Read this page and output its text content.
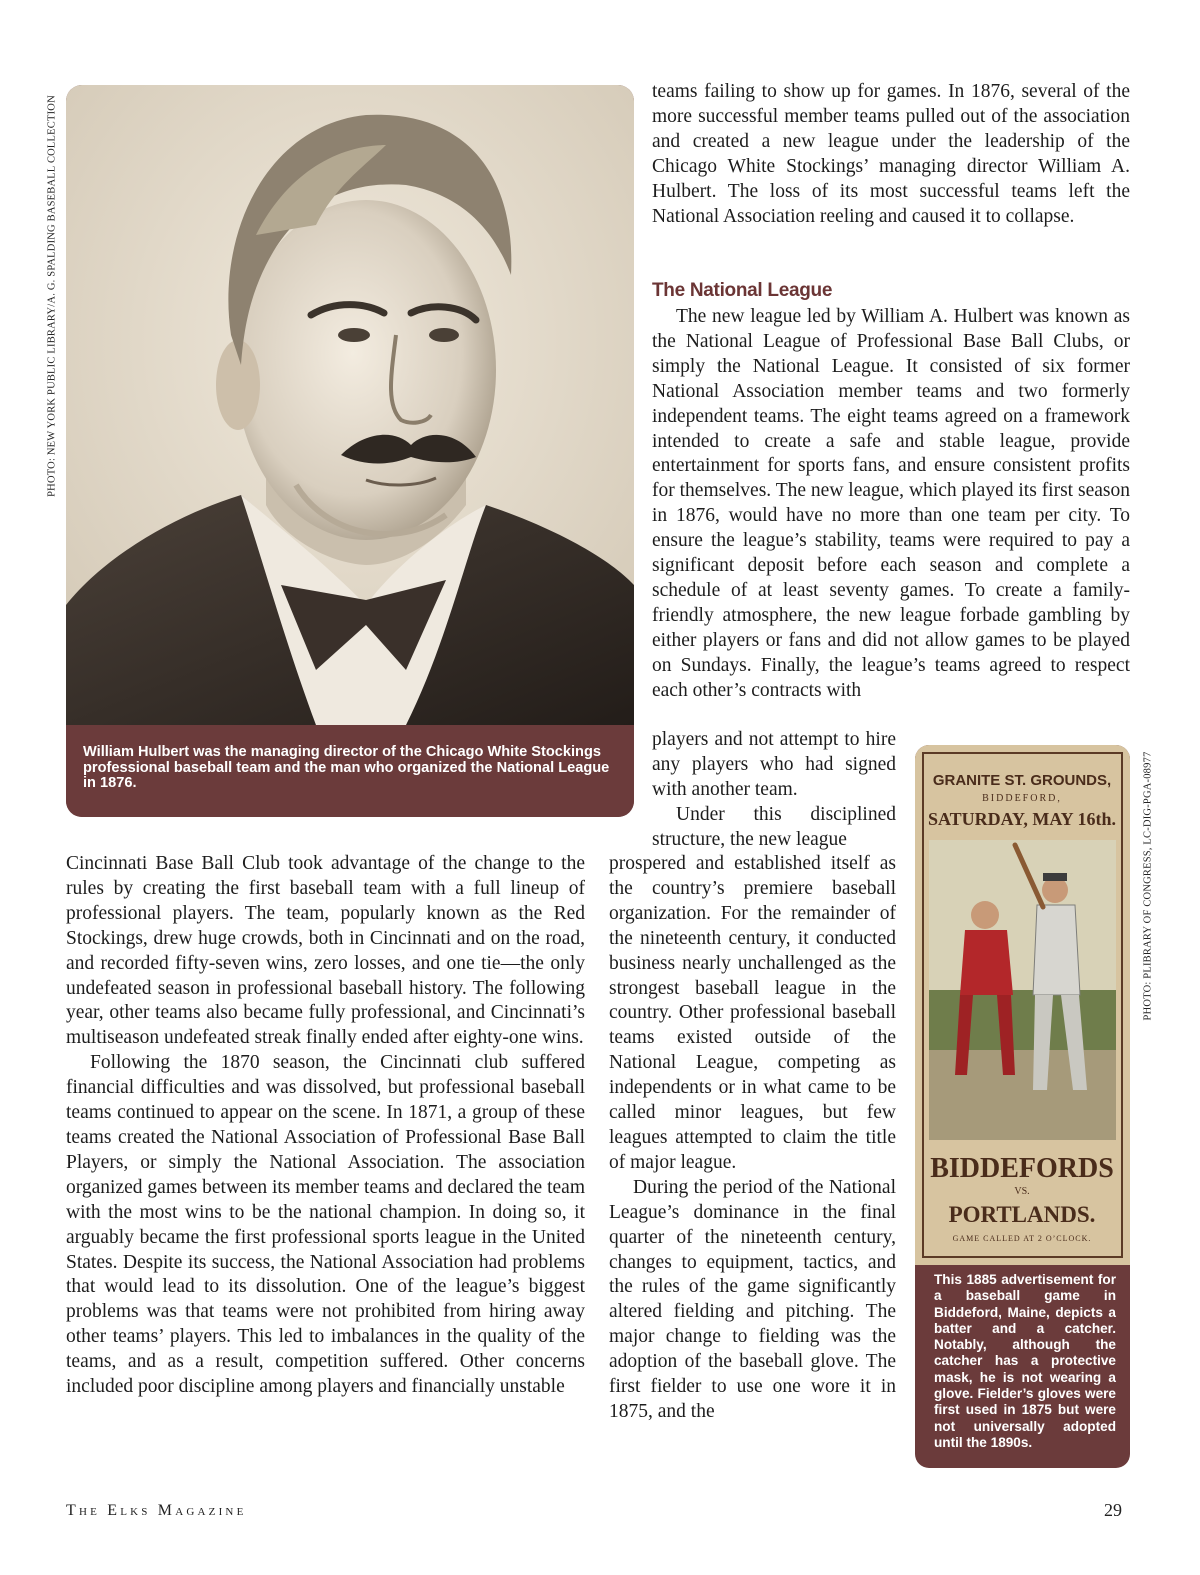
PHOTO: NEW YORK PUBLIC LIBRARY/A. G. SPALDING BASEBALL COLLECTION
PHOTO: PLIBRARY OF CONGRESS, LC-DIG-PGA-08977
William Hulbert was the managing director of the Chicago White Stockings professional baseball team and the man who organized the National League in 1876.

teams failing to show up for games. In 1876, several of the more successful member teams pulled out of the association and created a new league under the leadership of the Chicago White Stockings’ managing director William A. Hulbert. The loss of its most successful teams left the National Association reeling and caused it to collapse.

The National League

The new league led by William A. Hulbert was known as the National League of Professional Base Ball Clubs, or simply the National League. It consisted of six former National Association member teams and two formerly independent teams. The eight teams agreed on a framework intended to create a safe and stable league, provide entertainment for sports fans, and ensure consistent profits for themselves. The new league, which played its first season in 1876, would have no more than one team per city. To ensure the league’s stability, teams were required to pay a significant deposit before each season and complete a schedule of at least seventy games. To create a family-friendly atmosphere, the new league forbade gambling by either players or fans and did not allow games to be played on Sundays. Finally, the league’s teams agreed to respect each other’s contracts with

players and not attempt to hire any players who had signed with another team.

Under this disciplined structure, the new league

prospered and established itself as the country’s premiere baseball organization. For the remainder of the nineteenth century, it conducted business nearly unchallenged as the strongest baseball league in the country. Other professional baseball teams existed outside of the National League, competing as independents or in what came to be called minor leagues, but few leagues attempted to claim the title of major league.

During the period of the National League’s dominance in the final quarter of the nineteenth century, changes to equipment, tactics, and the rules of the game significantly altered fielding and pitching. The major change to fielding was the adoption of the baseball glove. The first fielder to use one wore it in 1875, and the

Cincinnati Base Ball Club took advantage of the change to the rules by creating the first baseball team with a full lineup of professional players. The team, popularly known as the Red Stockings, drew huge crowds, both in Cincinnati and on the road, and recorded fifty-seven wins, zero losses, and one tie—the only undefeated season in professional baseball history. The following year, other teams also became fully professional, and Cincinnati’s multiseason undefeated streak finally ended after eighty-one wins.

Following the 1870 season, the Cincinnati club suffered financial difficulties and was dissolved, but professional baseball teams continued to appear on the scene. In 1871, a group of these teams created the National Association of Professional Base Ball Players, or simply the National Association. The association organized games between its member teams and declared the team with the most wins to be the national champion. In doing so, it arguably became the first professional sports league in the United States. Despite its success, the National Association had problems that would lead to its dissolution. One of the league’s biggest problems was that teams were not prohibited from hiring away other teams’ players. This led to imbalances in the quality of the teams, and as a result, competition suffered. Other concerns included poor discipline among players and financially unstable

GRANITE ST. GROUNDS,
BIDDEFORD,
SATURDAY, MAY 16th.
BIDDEFORDS
VS.
PORTLANDS.
GAME CALLED AT 2 O’CLOCK.
This 1885 advertisement for a baseball game in Biddeford, Maine, depicts a batter and a catcher. Notably, although the catcher has a protective mask, he is not wearing a glove. Fielder’s gloves were first used in 1875 but were not universally adopted until the 1890s.
The Elks Magazine	29
